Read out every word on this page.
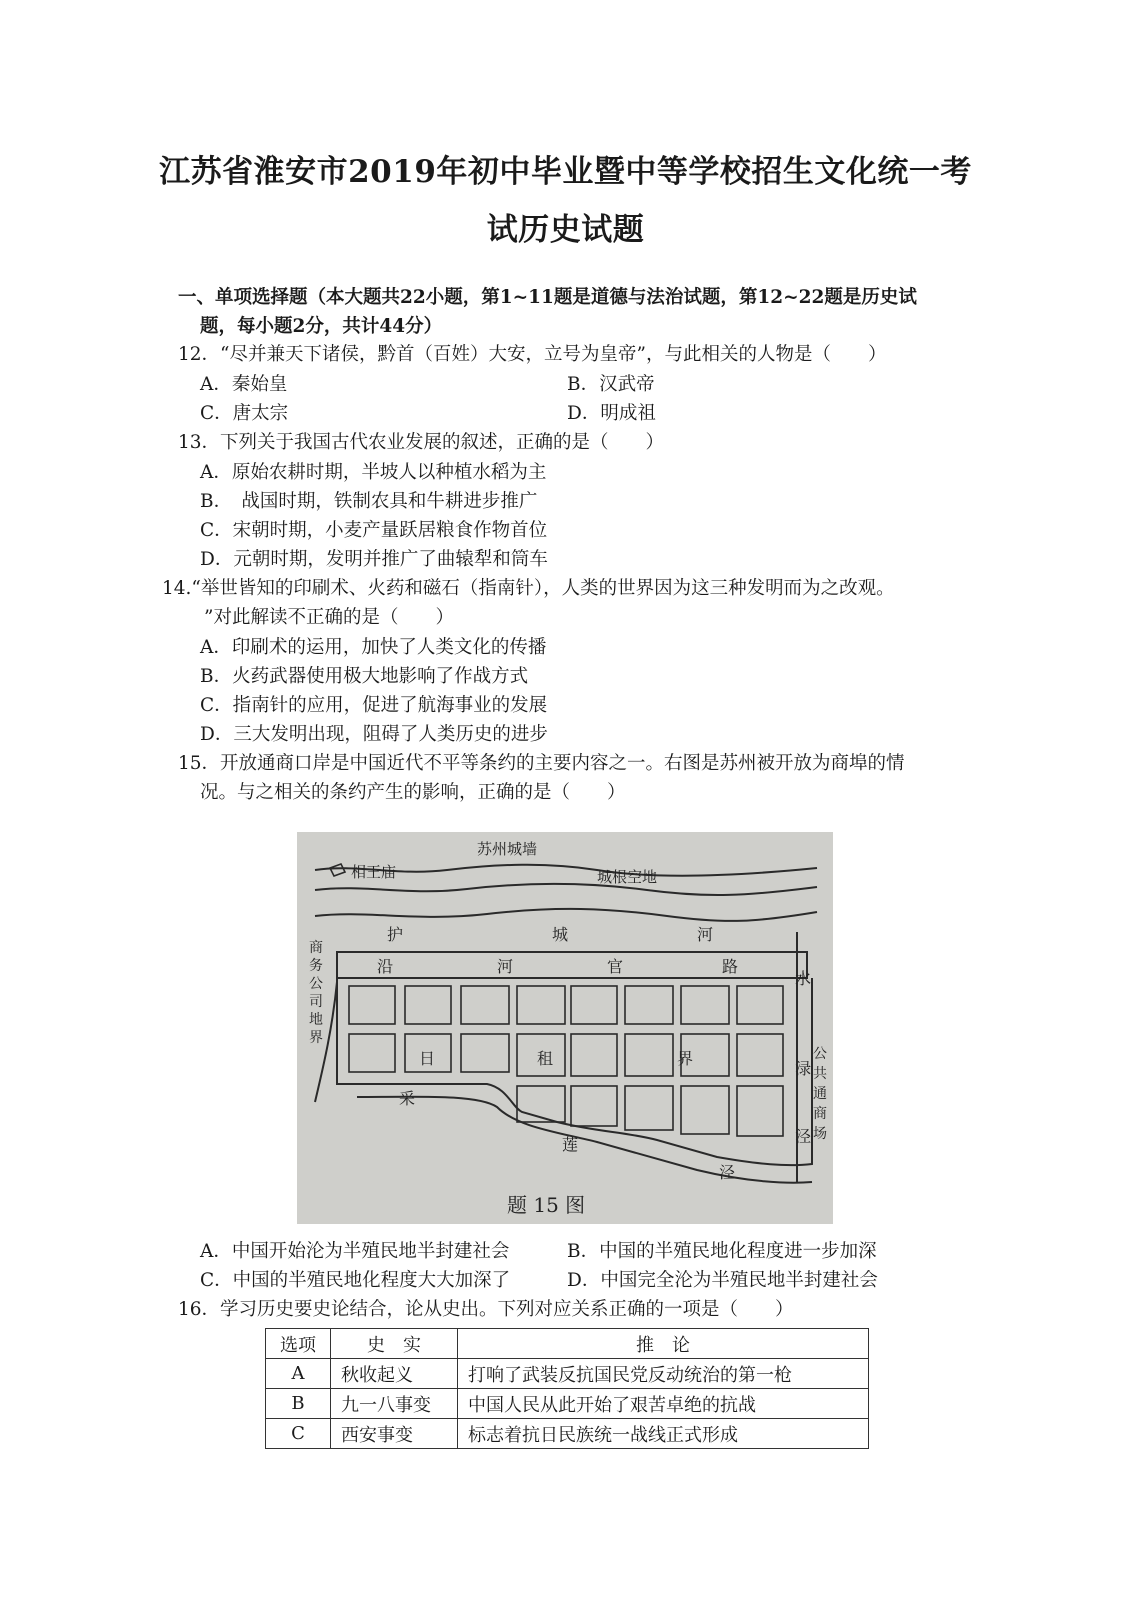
江苏省淮安市2019年初中毕业暨中等学校招生文化统一考
试历史试题
一、单项选择题（本大题共22小题，第1~11题是道德与法治试题，第12~22题是历史试
题，每小题2分，共计44分）
12．“尽并兼天下诸侯，黔首（百姓）大安，立号为皇帝”，与此相关的人物是（　　）
A．秦始皇	B．汉武帝
C．唐太宗	D．明成祖
13．下列关于我国古代农业发展的叙述，正确的是（　　）
A．原始农耕时期，半坡人以种植水稻为主
B．　战国时期，铁制农具和牛耕进步推广
C．宋朝时期，小麦产量跃居粮食作物首位
D．元朝时期，发明并推广了曲辕犁和筒车
14.“举世皆知的印刷术、火药和磁石（指南针），人类的世界因为这三种发明而为之改观。
”对此解读不正确的是（　　）
A．印刷术的运用，加快了人类文化的传播
B．火药武器使用极大地影响了作战方式
C．指南针的应用，促进了航海事业的发展
D．三大发明出现，阻碍了人类历史的进步
15．开放通商口岸是中国近代不平等条约的主要内容之一。右图是苏州被开放为商埠的情
况。与之相关的条约产生的影响，正确的是（　　）
苏州城墙
相王庙	城根空地
护	城	河
沿	河	官	路
日	租	界
采
莲
泾
水
渌
泾
商
务
公
司
地
界
公
共
通
商
场
题 15 图
A．中国开始沦为半殖民地半封建社会	B．中国的半殖民地化程度进一步加深
C．中国的半殖民地化程度大大加深了	D．中国完全沦为半殖民地半封建社会
16．学习历史要史论结合，论从史出。下列对应关系正确的一项是（　　）
选项	史　实	推　论
A	秋收起义	打响了武装反抗国民党反动统治的第一枪
B	九一八事变	中国人民从此开始了艰苦卓绝的抗战
C	西安事变	标志着抗日民族统一战线正式形成
